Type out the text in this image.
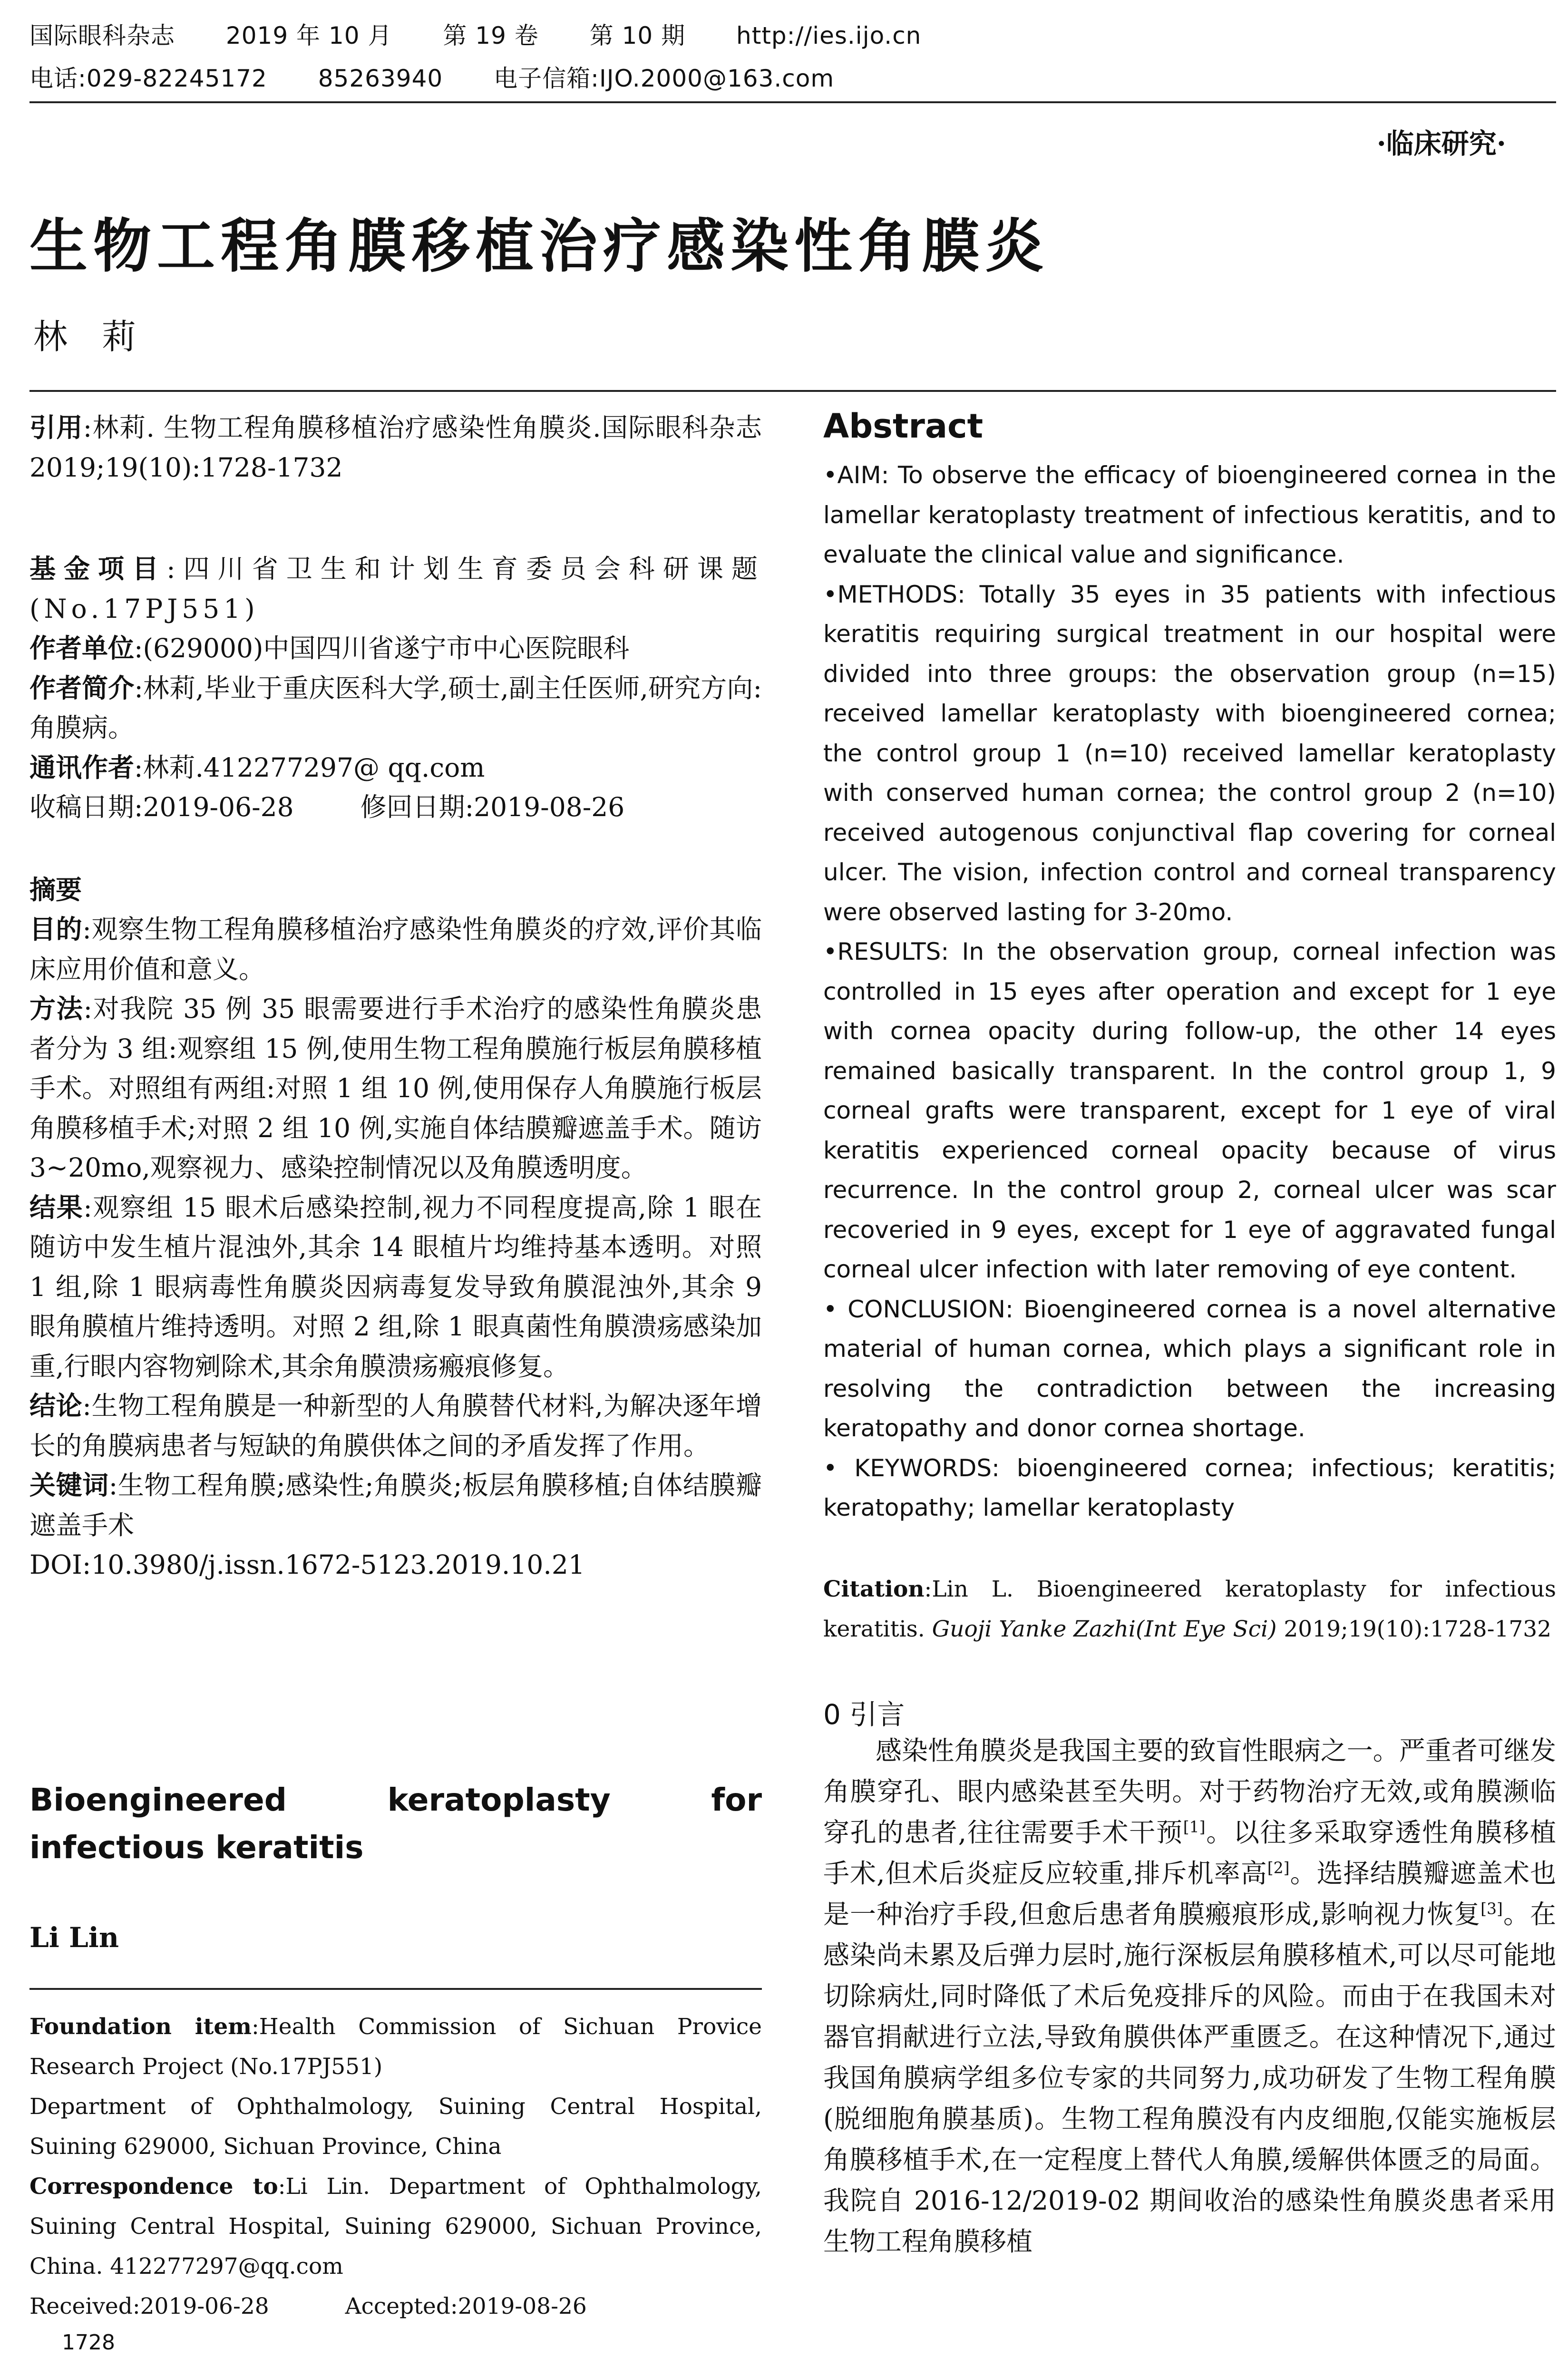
国际眼科杂志 2019 年 10 月 第 19 卷 第 10 期 http://ies.ijo.cn
电话:029-82245172 85263940 电子信箱:IJO.2000@163.com
·临床研究·
生物工程角膜移植治疗感染性角膜炎
林　莉

引用:林莉. 生物工程角膜移植治疗感染性角膜炎.国际眼科杂志 2019;19(10):1728-1732

基金项目:四川省卫生和计划生育委员会科研课题(No.17PJ551)

作者单位:(629000)中国四川省遂宁市中心医院眼科

作者简介:林莉,毕业于重庆医科大学,硕士,副主任医师,研究方向:角膜病。

通讯作者:林莉.412277297@ qq.com

收稿日期:2019-06-28	修回日期:2019-08-26

摘要

目的:观察生物工程角膜移植治疗感染性角膜炎的疗效,评价其临床应用价值和意义。

方法:对我院 35 例 35 眼需要进行手术治疗的感染性角膜炎患者分为 3 组:观察组 15 例,使用生物工程角膜施行板层角膜移植手术。对照组有两组:对照 1 组 10 例,使用保存人角膜施行板层角膜移植手术;对照 2 组 10 例,实施自体结膜瓣遮盖手术。随访 3~20mo,观察视力、感染控制情况以及角膜透明度。

结果:观察组 15 眼术后感染控制,视力不同程度提高,除 1 眼在随访中发生植片混浊外,其余 14 眼植片均维持基本透明。对照 1 组,除 1 眼病毒性角膜炎因病毒复发导致角膜混浊外,其余 9 眼角膜植片维持透明。对照 2 组,除 1 眼真菌性角膜溃疡感染加重,行眼内容物剜除术,其余角膜溃疡瘢痕修复。

结论:生物工程角膜是一种新型的人角膜替代材料,为解决逐年增长的角膜病患者与短缺的角膜供体之间的矛盾发挥了作用。

关键词:生物工程角膜;感染性;角膜炎;板层角膜移植;自体结膜瓣遮盖手术

DOI:10.3980/j.issn.1672-5123.2019.10.21

Bioengineered keratoplasty for infectious keratitis
Li Lin

Foundation item:Health Commission of Sichuan Provice Research Project (No.17PJ551)

Department of Ophthalmology, Suining Central Hospital, Suining 629000, Sichuan Province, China

Correspondence to:Li Lin. Department of Ophthalmology, Suining Central Hospital, Suining 629000, Sichuan Province, China. 412277297@qq.com

Received:2019-06-28	Accepted:2019-08-26

1728
Abstract

•AIM: To observe the efficacy of bioengineered cornea in the lamellar keratoplasty treatment of infectious keratitis, and to evaluate the clinical value and significance.

•METHODS: Totally 35 eyes in 35 patients with infectious keratitis requiring surgical treatment in our hospital were divided into three groups: the observation group (n=15) received lamellar keratoplasty with bioengineered cornea; the control group 1 (n=10) received lamellar keratoplasty with conserved human cornea; the control group 2 (n=10) received autogenous conjunctival flap covering for corneal ulcer. The vision, infection control and corneal transparency were observed lasting for 3-20mo.

•RESULTS: In the observation group, corneal infection was controlled in 15 eyes after operation and except for 1 eye with cornea opacity during follow-up, the other 14 eyes remained basically transparent. In the control group 1, 9 corneal grafts were transparent, except for 1 eye of viral keratitis experienced corneal opacity because of virus recurrence. In the control group 2, corneal ulcer was scar recoveried in 9 eyes, except for 1 eye of aggravated fungal corneal ulcer infection with later removing of eye content.

• CONCLUSION: Bioengineered cornea is a novel alternative material of human cornea, which plays a significant role in resolving the contradiction between the increasing keratopathy and donor cornea shortage.

• KEYWORDS: bioengineered cornea; infectious; keratitis; keratopathy; lamellar keratoplasty

Citation:Lin L. Bioengineered keratoplasty for infectious keratitis. Guoji Yanke Zazhi(Int Eye Sci) 2019;19(10):1728-1732
0 引言
感染性角膜炎是我国主要的致盲性眼病之一。严重者可继发角膜穿孔、眼内感染甚至失明。对于药物治疗无效,或角膜濒临穿孔的患者,往往需要手术干预[1]。以往多采取穿透性角膜移植手术,但术后炎症反应较重,排斥机率高[2]。选择结膜瓣遮盖术也是一种治疗手段,但愈后患者角膜瘢痕形成,影响视力恢复[3]。在感染尚未累及后弹力层时,施行深板层角膜移植术,可以尽可能地切除病灶,同时降低了术后免疫排斥的风险。而由于在我国未对器官捐献进行立法,导致角膜供体严重匮乏。在这种情况下,通过我国角膜病学组多位专家的共同努力,成功研发了生物工程角膜(脱细胞角膜基质)。生物工程角膜没有内皮细胞,仅能实施板层角膜移植手术,在一定程度上替代人角膜,缓解供体匮乏的局面。我院自 2016-12/2019-02 期间收治的感染性角膜炎患者采用生物工程角膜移植
